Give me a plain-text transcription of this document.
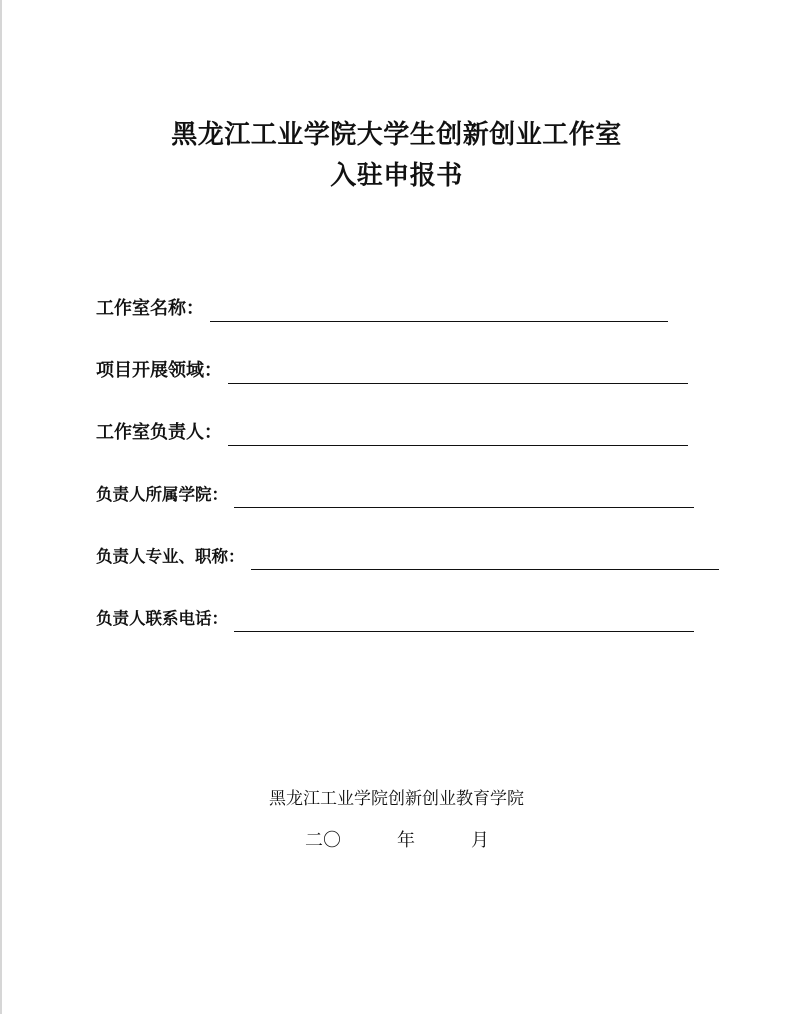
黑龙江工业学院大学生创新创业工作室
入驻申报书
工作室名称：
项目开展领域：
工作室负责人：
负责人所属学院：
负责人专业、职称：
负责人联系电话：
黑龙江工业学院创新创业教育学院
二〇	年	月
